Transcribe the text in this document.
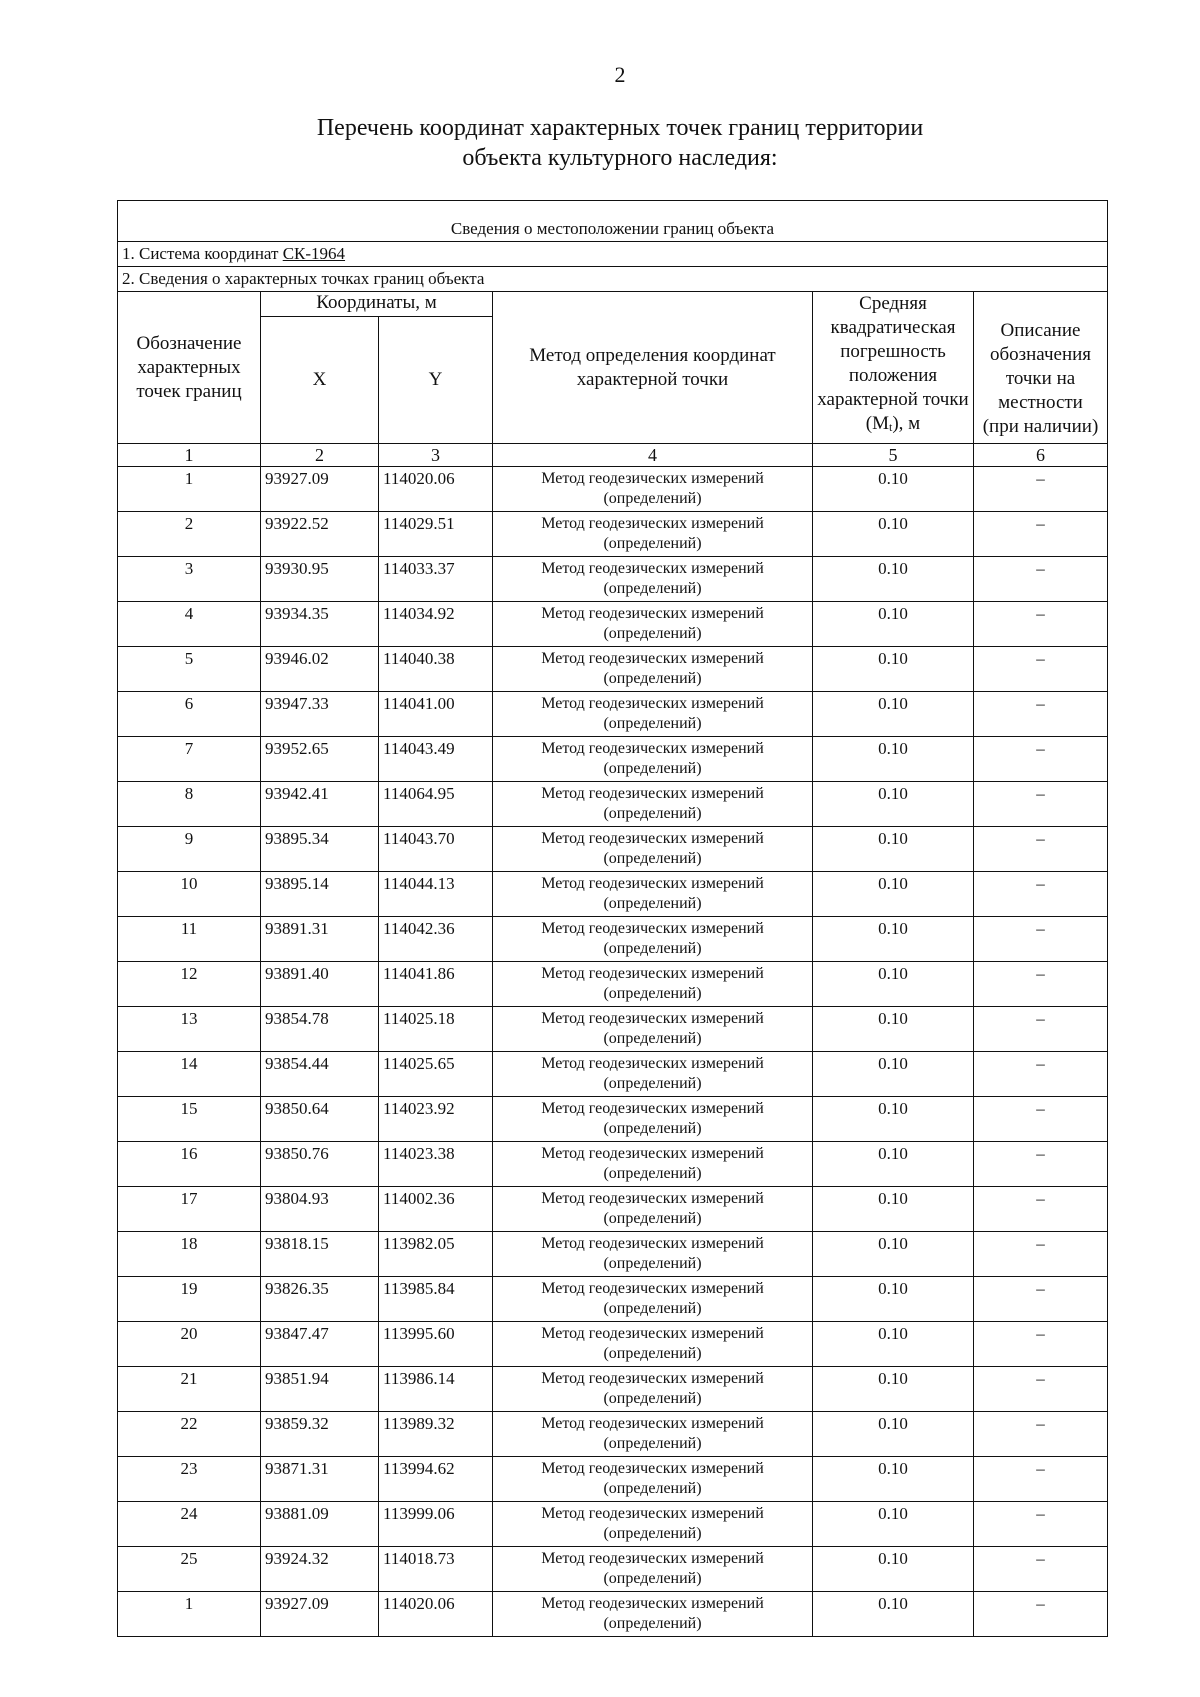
2
Перечень координат характерных точек границ территории
объекта культурного наследия:

Сведения о местоположении границ объекта					
1. Система координат СК-1964					
2. Сведения о характерных точках границ объекта					
Обозначение характерных точек границ	Координаты, м		Метод определения координат характерной точки	Средняя квадратическая погрешность положения характерной точки (Mt), м	Описание обозначения точки на местности (при наличии)
	X	Y			
1	2	3	4	5	6
1	93927.09	114020.06	Метод геодезических измерений (определений)	0.10	–
2	93922.52	114029.51	Метод геодезических измерений (определений)	0.10	–
3	93930.95	114033.37	Метод геодезических измерений (определений)	0.10	–
4	93934.35	114034.92	Метод геодезических измерений (определений)	0.10	–
5	93946.02	114040.38	Метод геодезических измерений (определений)	0.10	–
6	93947.33	114041.00	Метод геодезических измерений (определений)	0.10	–
7	93952.65	114043.49	Метод геодезических измерений (определений)	0.10	–
8	93942.41	114064.95	Метод геодезических измерений (определений)	0.10	–
9	93895.34	114043.70	Метод геодезических измерений (определений)	0.10	–
10	93895.14	114044.13	Метод геодезических измерений (определений)	0.10	–
11	93891.31	114042.36	Метод геодезических измерений (определений)	0.10	–
12	93891.40	114041.86	Метод геодезических измерений (определений)	0.10	–
13	93854.78	114025.18	Метод геодезических измерений (определений)	0.10	–
14	93854.44	114025.65	Метод геодезических измерений (определений)	0.10	–
15	93850.64	114023.92	Метод геодезических измерений (определений)	0.10	–
16	93850.76	114023.38	Метод геодезических измерений (определений)	0.10	–
17	93804.93	114002.36	Метод геодезических измерений (определений)	0.10	–
18	93818.15	113982.05	Метод геодезических измерений (определений)	0.10	–
19	93826.35	113985.84	Метод геодезических измерений (определений)	0.10	–
20	93847.47	113995.60	Метод геодезических измерений (определений)	0.10	–
21	93851.94	113986.14	Метод геодезических измерений (определений)	0.10	–
22	93859.32	113989.32	Метод геодезических измерений (определений)	0.10	–
23	93871.31	113994.62	Метод геодезических измерений (определений)	0.10	–
24	93881.09	113999.06	Метод геодезических измерений (определений)	0.10	–
25	93924.32	114018.73	Метод геодезических измерений (определений)	0.10	–
1	93927.09	114020.06	Метод геодезических измерений (определений)	0.10	–
